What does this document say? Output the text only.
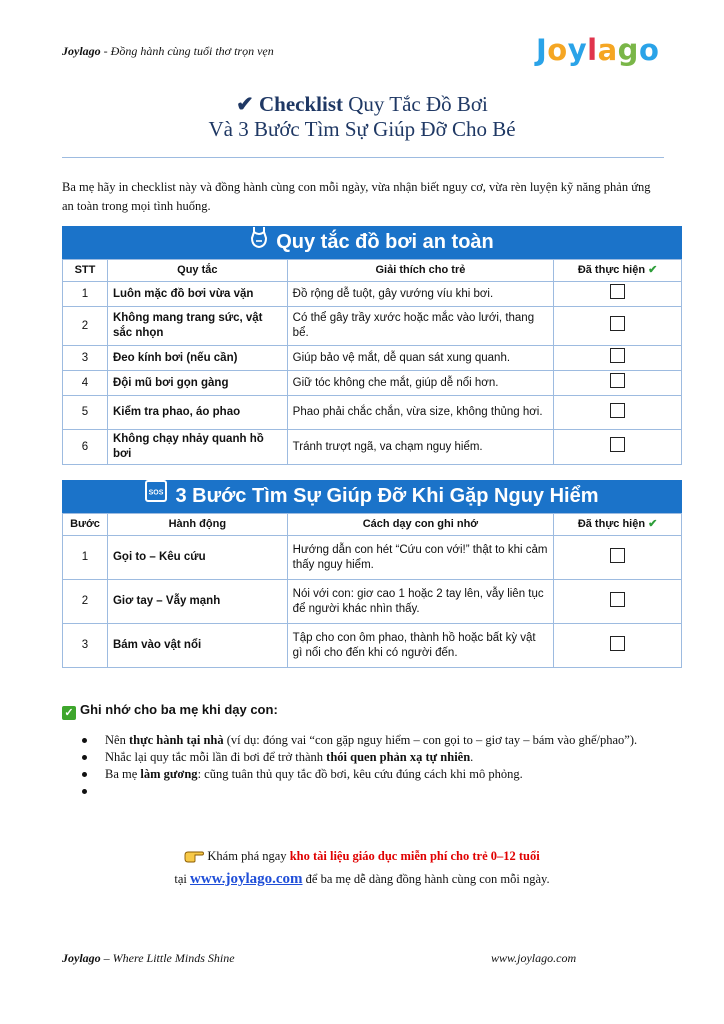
Joylago - Đồng hành cùng tuổi thơ trọn vẹn	Joylago
✔ Checklist Quy Tắc Đồ Bơi
Và 3 Bước Tìm Sự Giúp Đỡ Cho Bé
Ba mẹ hãy in checklist này và đồng hành cùng con mỗi ngày, vừa nhận biết nguy cơ, vừa rèn luyện kỹ năng phản ứng an toàn trong mọi tình huống.
Quy tắc đồ bơi an toàn
STT	Quy tắc	Giải thích cho trẻ	Đã thực hiện ✔
1	Luôn mặc đồ bơi vừa vặn	Đồ rộng dễ tuột, gây vướng víu khi bơi.	
2	Không mang trang sức, vật sắc nhọn	Có thể gây trầy xước hoặc mắc vào lưới, thang bể.	
3	Đeo kính bơi (nếu cần)	Giúp bảo vệ mắt, dễ quan sát xung quanh.	
4	Đội mũ bơi gọn gàng	Giữ tóc không che mắt, giúp dễ nổi hơn.	
5	Kiểm tra phao, áo phao	Phao phải chắc chắn, vừa size, không thủng hơi.	
6	Không chạy nhảy quanh hồ bơi	Tránh trượt ngã, va chạm nguy hiểm.	
SOS 3 Bước Tìm Sự Giúp Đỡ Khi Gặp Nguy Hiểm
Bước	Hành động	Cách dạy con ghi nhớ	Đã thực hiện ✔
1	Gọi to – Kêu cứu	Hướng dẫn con hét “Cứu con với!” thật to khi cảm thấy nguy hiểm.	
2	Giơ tay – Vẫy mạnh	Nói với con: giơ cao 1 hoặc 2 tay lên, vẫy liên tục để người khác nhìn thấy.	
3	Bám vào vật nổi	Tập cho con ôm phao, thành hồ hoặc bất kỳ vật gì nổi cho đến khi có người đến.	
✓ Ghi nhớ cho ba mẹ khi dạy con:
Nên thực hành tại nhà (ví dụ: đóng vai “con gặp nguy hiểm – con gọi to – giơ tay – bám vào ghế/phao”).
Nhắc lại quy tắc mỗi lần đi bơi để trở thành thói quen phản xạ tự nhiên.
Ba mẹ làm gương: cũng tuân thủ quy tắc đồ bơi, kêu cứu đúng cách khi mô phỏng.

Khám phá ngay kho tài liệu giáo dục miễn phí cho trẻ 0–12 tuổi
tại www.joylago.com để ba mẹ dễ dàng đồng hành cùng con mỗi ngày.
Joylago – Where Little Minds Shine	www.joylago.com
